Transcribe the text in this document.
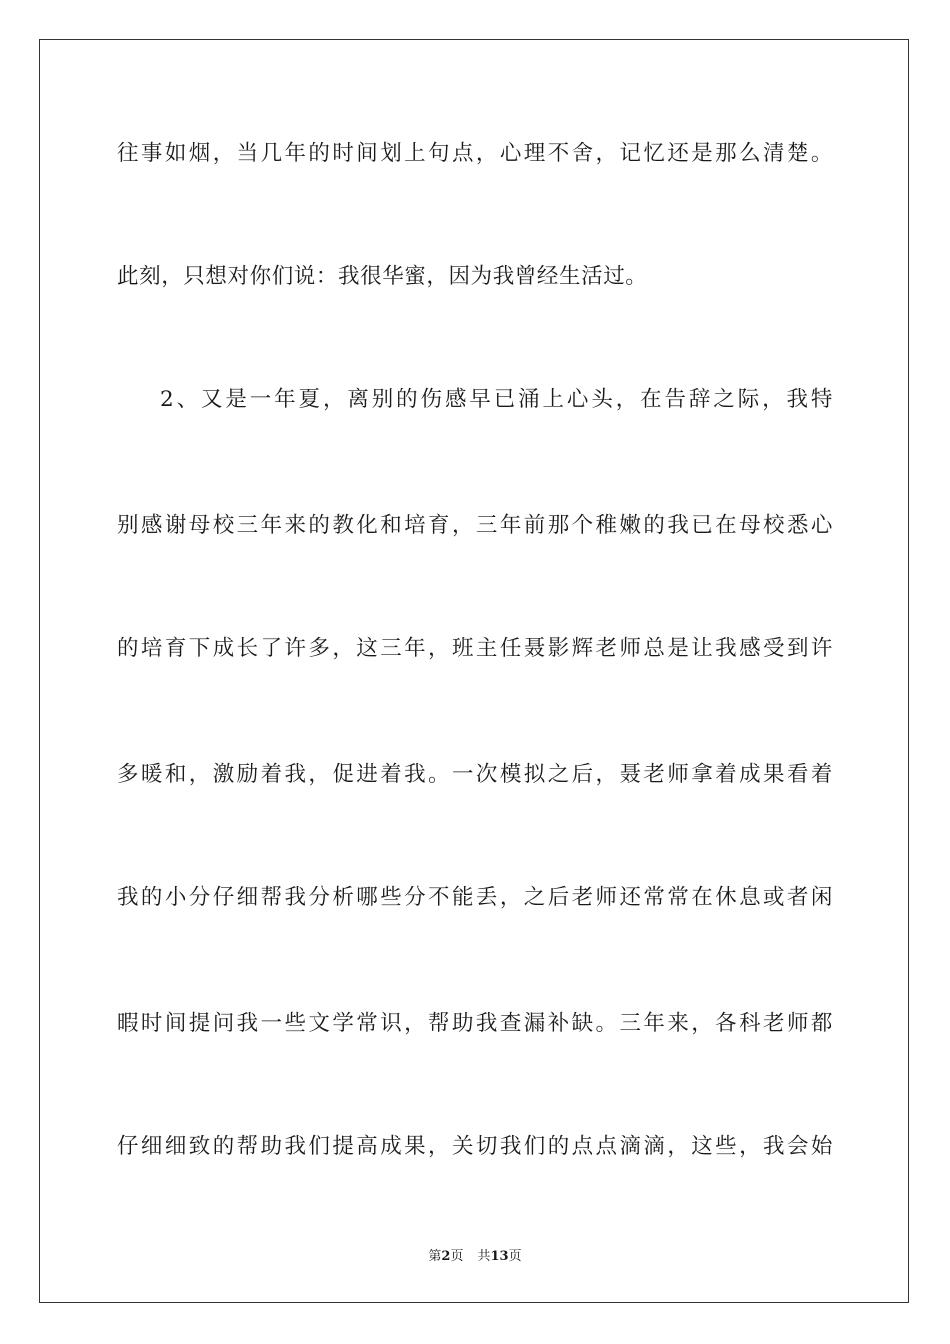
往事如烟，当几年的时间划上句点，心理不舍，记忆还是那么清楚。
此刻，只想对你们说：我很华蜜，因为我曾经生活过。
2、又是一年夏，离别的伤感早已涌上心头，在告辞之际，我特
别感谢母校三年来的教化和培育，三年前那个稚嫩的我已在母校悉心
的培育下成长了许多，这三年，班主任聂影辉老师总是让我感受到许
多暖和，激励着我，促进着我。一次模拟之后，聂老师拿着成果看着
我的小分仔细帮我分析哪些分不能丢，之后老师还常常在休息或者闲
暇时间提问我一些文学常识，帮助我查漏补缺。三年来，各科老师都
仔细细致的帮助我们提高成果，关切我们的点点滴滴，这些，我会始
第2页 共13页
